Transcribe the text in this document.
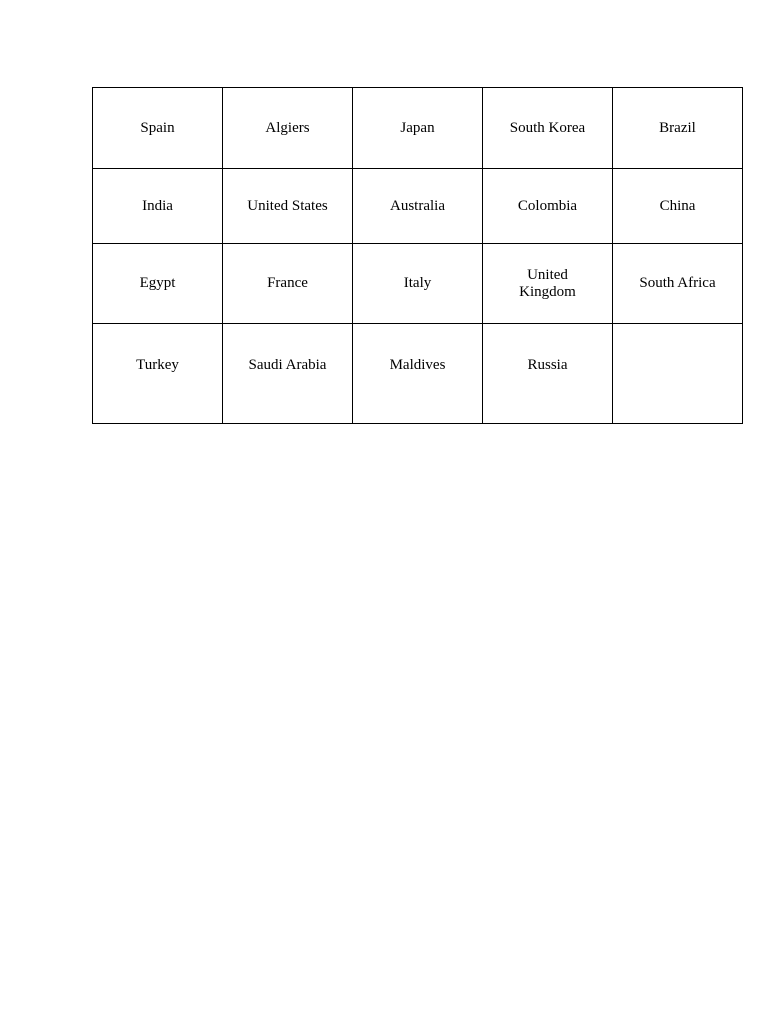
Spain	Algiers	Japan	South Korea	Brazil
India	United States	Australia	Colombia	China
Egypt	France	Italy	United Kingdom	South Africa
Turkey	Saudi Arabia	Maldives	Russia	
